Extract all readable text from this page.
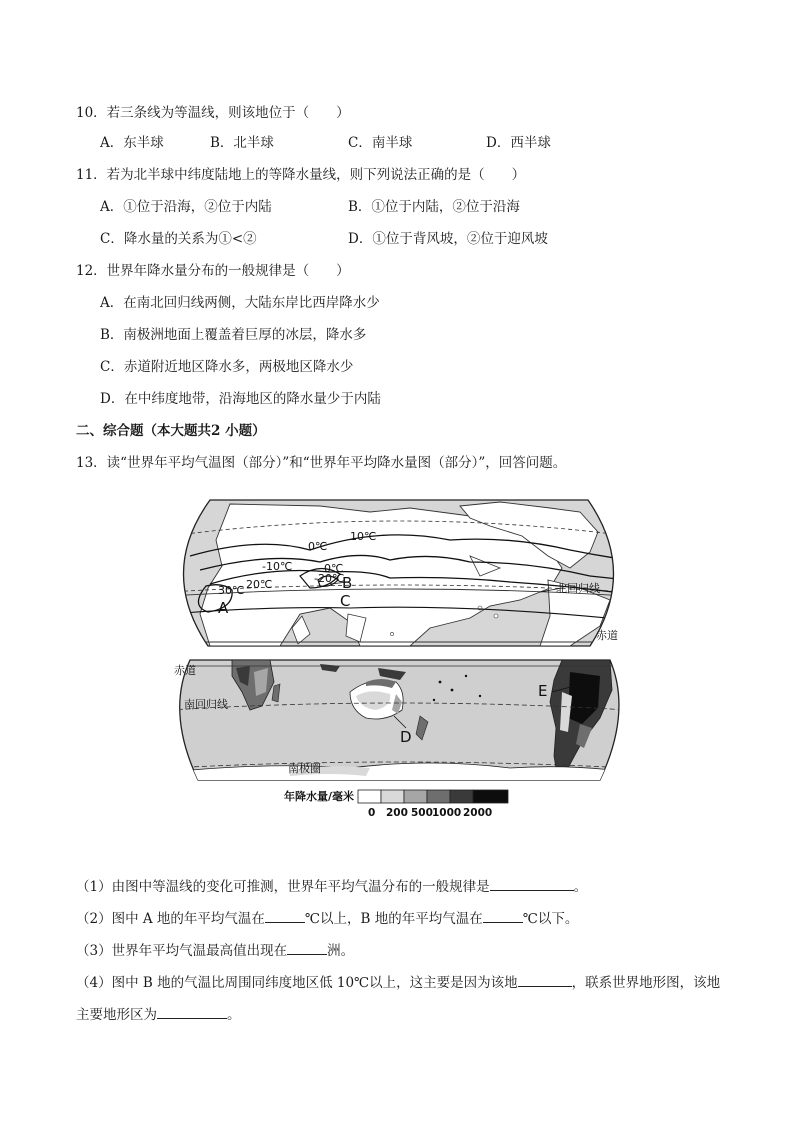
10．若三条线为等温线，则该地位于（　　）
A．东半球	B．北半球	C．南半球	D．西半球
11．若为北半球中纬度陆地上的等降水量线，则下列说法正确的是（　　）
A．①位于沿海，②位于内陆	B．①位于内陆，②位于沿海
C．降水量的关系为①<②	D．①位于背风坡，②位于迎风坡
12．世界年降水量分布的一般规律是（　　）
A．在南北回归线两侧，大陆东岸比西岸降水少
B．南极洲地面上覆盖着巨厚的冰层，降水多
C．赤道附近地区降水多，两极地区降水少
D．在中纬度地带，沿海地区的降水量少于内陆
二、综合题（本大题共2 小题）
13．读“世界年平均气温图（部分）”和“世界年平均降水量图（部分）”，回答问题。
10℃
0℃
-10℃	0℃
-20℃
20℃
30℃
A
B
C
北回归线
赤道
赤道
南回归线
南极圈
D
E
年降水量/毫米
0 200 500 1000 2000
（1）由图中等温线的变化可推测，世界年平均气温分布的一般规律是	。
（2）图中 A 地的年平均气温在	℃以上，B 地的年平均气温在	℃以下。
（3）世界年平均气温最高值出现在	洲。
（4）图中 B 地的气温比周围同纬度地区低 10℃以上，这主要是因为该地	，联系世界地形图，该地
主要地形区为	。
